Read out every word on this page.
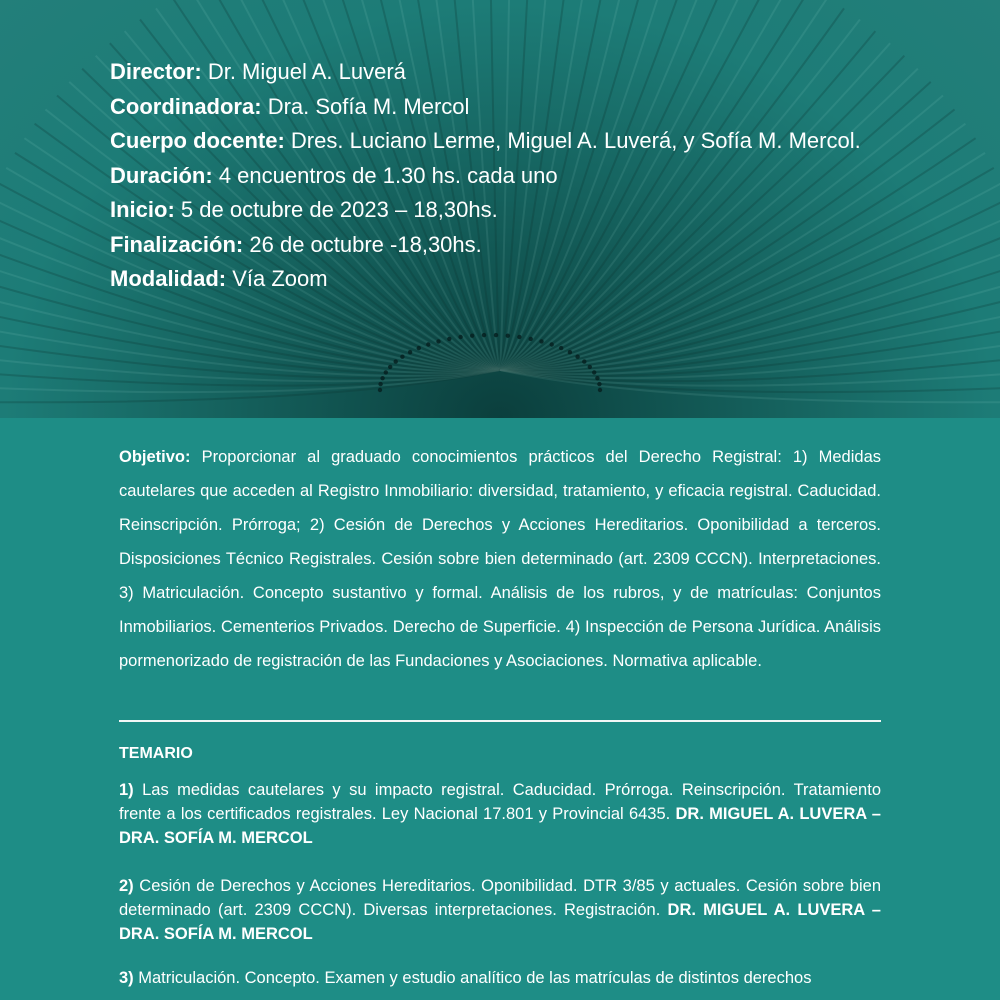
Director: Dr. Miguel A. Luverá
Coordinadora: Dra. Sofía M. Mercol
Cuerpo docente: Dres. Luciano Lerme, Miguel A. Luverá, y Sofía M. Mercol.
Duración: 4 encuentros de 1.30 hs. cada uno
Inicio: 5 de octubre de 2023 – 18,30hs.
Finalización: 26 de octubre -18,30hs.
Modalidad: Vía Zoom
Objetivo: Proporcionar al graduado conocimientos prácticos del Derecho Registral: 1) Medidas cautelares que acceden al Registro Inmobiliario: diversidad, tratamiento, y eficacia registral. Caducidad. Reinscripción. Prórroga; 2) Cesión de Derechos y Acciones Hereditarios. Oponibilidad a terceros. Disposiciones Técnico Registrales. Cesión sobre bien determinado (art. 2309 CCCN). Interpretaciones. 3) Matriculación. Concepto sustantivo y formal. Análisis de los rubros, y de matrículas: Conjuntos Inmobiliarios. Cementerios Privados. Derecho de Superficie. 4) Inspección de Persona Jurídica. Análisis pormenorizado de registración de las Fundaciones y Asociaciones. Normativa aplicable.
TEMARIO
1) Las medidas cautelares y su impacto registral. Caducidad. Prórroga. Reinscripción. Tratamiento frente a los certificados registrales. Ley Nacional 17.801 y Provincial 6435. DR. MIGUEL A. LUVERA – DRA. SOFÍA M. MERCOL
2) Cesión de Derechos y Acciones Hereditarios. Oponibilidad. DTR 3/85 y actuales. Cesión sobre bien determinado (art. 2309 CCCN). Diversas interpretaciones. Registración. DR. MIGUEL A. LUVERA – DRA. SOFÍA M. MERCOL
3) Matriculación. Concepto. Examen y estudio analítico de las matrículas de distintos derechos
